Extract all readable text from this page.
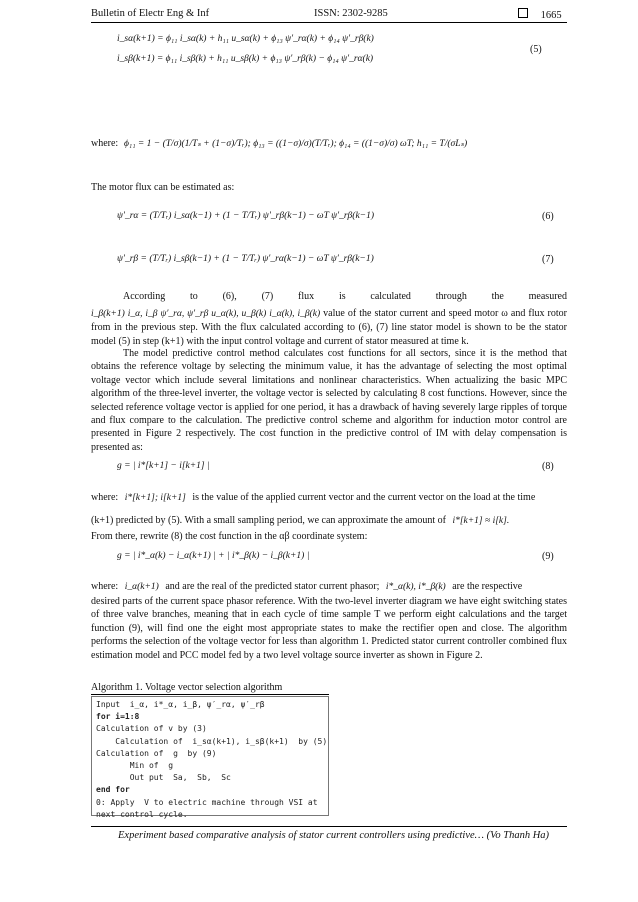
Bulletin of Electr Eng & Inf	ISSN: 2302-9285	1665
i_sα(k+1) = ϕ₁₁ i_sα(k) + h₁₁ u_sα(k) + ϕ₁₃ ψ′_rα(k) + ϕ₁₄ ψ′_rβ(k)
i_sβ(k+1) = ϕ₁₁ i_sβ(k) + h₁₁ u_sβ(k) + ϕ₁₃ ψ′_rβ(k) − ϕ₁₄ ψ′_rα(k)
(5)
where: ϕ₁₁ = 1 − (T/σ)(1/Tₛ + (1−σ)/Tᵣ); ϕ₁₃ = ((1−σ)/σ)(T/Tᵣ); ϕ₁₄ = ((1−σ)/σ) ωT; h₁₁ = T/(σLₛ)
The motor flux can be estimated as:
ψ′_rα = (T/Tᵣ) i_sα(k−1) + (1 − T/Tᵣ) ψ′_rβ(k−1) − ωT ψ′_rβ(k−1)	(6)
ψ′_rβ = (T/Tᵣ) i_sβ(k−1) + (1 − T/Tᵣ) ψ′_rα(k−1) − ωT ψ′_rβ(k−1)	(7)
According to (6), (7) flux is calculated through the measured
i_β(k+1) i_α, i_β ψ′_rα, ψ′_rβ u_α(k), u_β(k) i_α(k), i_β(k) value of the stator current and speed motor ω and flux rotor from in the previous step. With the flux calculated according to (6), (7) line stator model is shown to be the stator model (5) in step (k+1) with the input control voltage and current of stator measured at time k.
The model predictive control method calculates cost functions for all sectors, since it is the method that obtains the reference voltage by selecting the minimum value, it has the advantage of selecting the most optimal voltage vector which include several limitations and nonlinear characteristics. When actualizing the basic MPC algorithm of the three-level inverter, the voltage vector is selected by calculating 8 cost functions. However, since the selected reference voltage vector is applied for one period, it has a drawback of having severely large ripples of torque and flux compare to the calculation. The predictive control scheme and algorithm for induction motor control are presented in Figure 2 respectively. The cost function in the predictive control of IM with delay compensation is presented as:
g = | i*[k+1] − i[k+1] |	(8)
where: i*[k+1]; i[k+1] is the value of the applied current vector and the current vector on the load at the time
(k+1) predicted by (5). With a small sampling period, we can approximate the amount of i*[k+1] ≈ i[k].
From there, rewrite (8) the cost function in the αβ coordinate system:
g = | i*_α(k) − i_α(k+1) | + | i*_β(k) − i_β(k+1) |	(9)
where: i_α(k+1) and are the real of the predicted stator current phasor; i*_α(k), i*_β(k) are the respective
desired parts of the current space phasor reference. With the two-level inverter diagram we have eight switching states of three valve branches, meaning that in each cycle of time sample T we perform eight calculations and the target function (9), will find one the eight most appropriate states to make the rectifier open and close. The algorithm performs the selection of the voltage vector for less than algorithm 1. Predicted stator current controller combined flux estimation model and PCC model fed by a two level voltage source inverter as shown in Figure 2.
Algorithm 1. Voltage vector selection algorithm
Input  i_α, i*_α, i_β, ψ′_rα, ψ′_rβ
for i=1:8
Calculation of v by (3)
Calculation of  i_sα(k+1), i_sβ(k+1)  by (5)
Calculation of  g  by (9)
Min of  g
Out put  Sa,  Sb,  Sc
end for
0: Apply  V to electric machine through VSI at
next control cycle.
Experiment based comparative analysis of stator current controllers using predictive… (Vo Thanh Ha)
